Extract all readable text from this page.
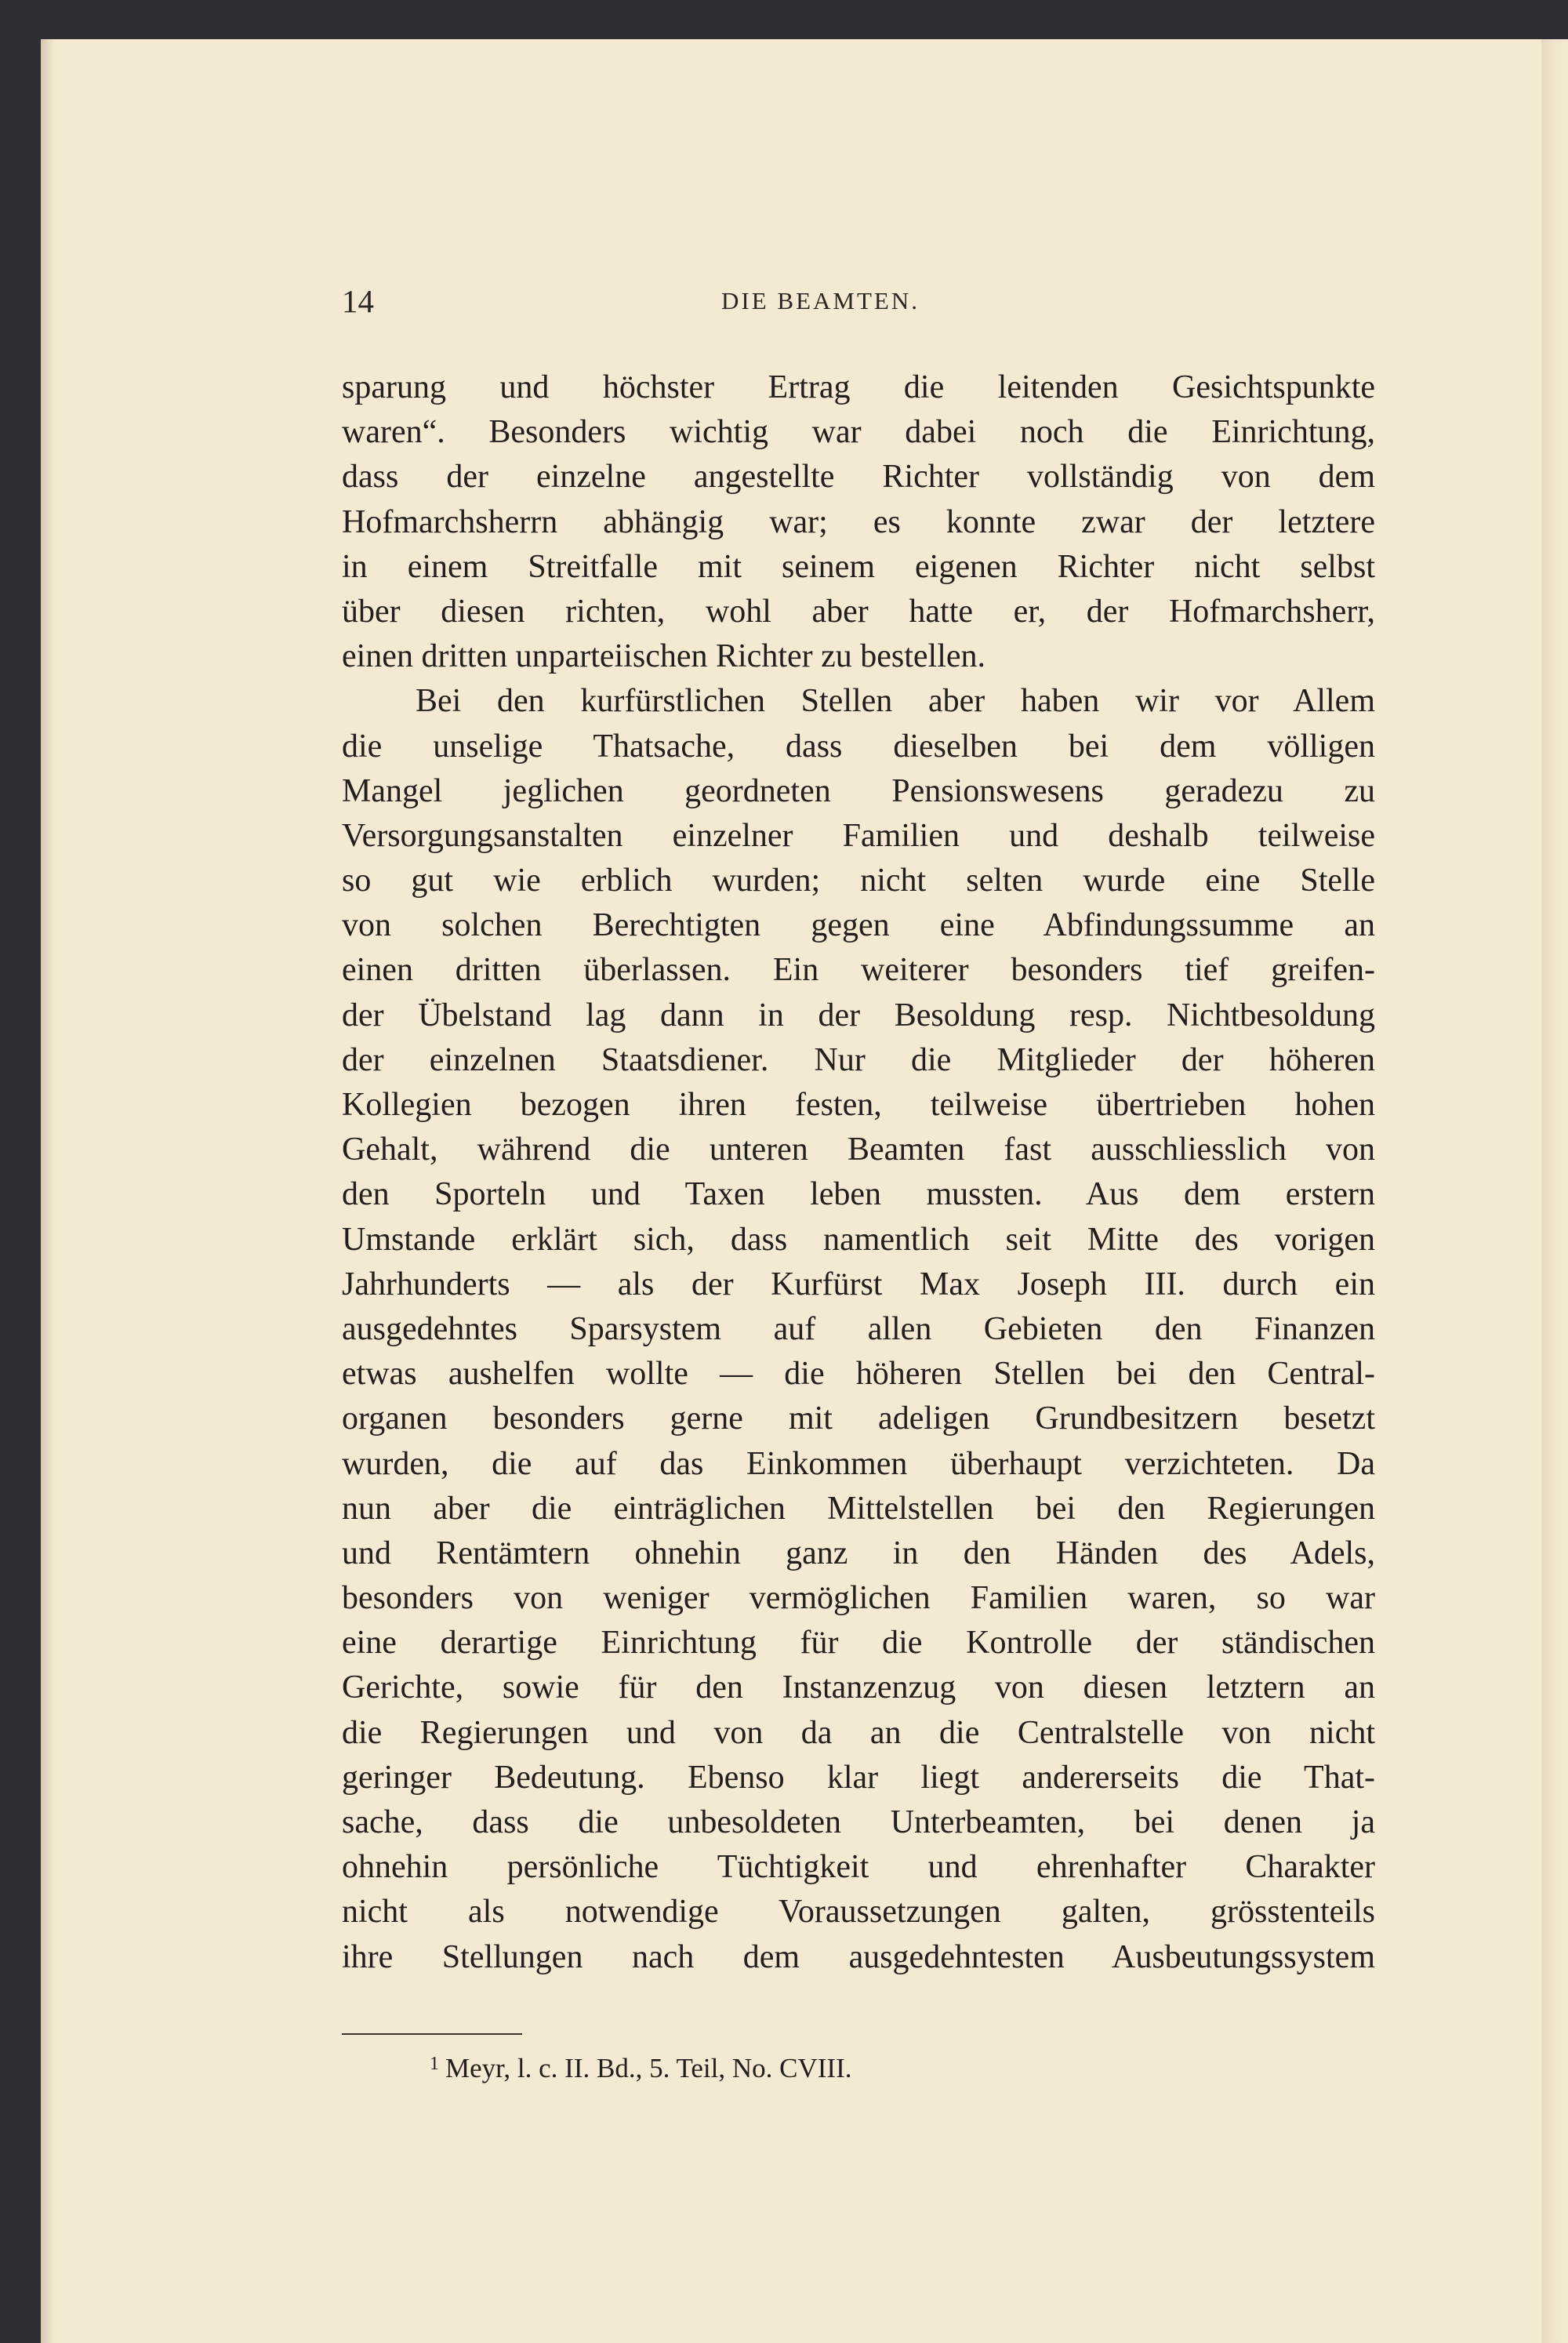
14	DIE BEAMTEN.
sparung und höchster Ertrag die leitenden Gesichtspunkte
waren“. Besonders wichtig war dabei noch die Einrichtung,
dass der einzelne angestellte Richter vollständig von dem
Hofmarchsherrn abhängig war; es konnte zwar der letztere
in einem Streitfalle mit seinem eigenen Richter nicht selbst
über diesen richten, wohl aber hatte er, der Hofmarchsherr,
einen dritten unparteiischen Richter zu bestellen.
Bei den kurfürstlichen Stellen aber haben wir vor Allem
die unselige Thatsache, dass dieselben bei dem völligen
Mangel jeglichen geordneten Pensionswesens geradezu zu
Versorgungsanstalten einzelner Familien und deshalb teilweise
so gut wie erblich wurden; nicht selten wurde eine Stelle
von solchen Berechtigten gegen eine Abfindungssumme an
einen dritten überlassen. Ein weiterer besonders tief greifen-
der Übelstand lag dann in der Besoldung resp. Nichtbesoldung
der einzelnen Staatsdiener. Nur die Mitglieder der höheren
Kollegien bezogen ihren festen, teilweise übertrieben hohen
Gehalt, während die unteren Beamten fast ausschliesslich von
den Sporteln und Taxen leben mussten. Aus dem erstern
Umstande erklärt sich, dass namentlich seit Mitte des vorigen
Jahrhunderts — als der Kurfürst Max Joseph III. durch ein
ausgedehntes Sparsystem auf allen Gebieten den Finanzen
etwas aushelfen wollte — die höheren Stellen bei den Central-
organen besonders gerne mit adeligen Grundbesitzern besetzt
wurden, die auf das Einkommen überhaupt verzichteten. Da
nun aber die einträglichen Mittelstellen bei den Regierungen
und Rentämtern ohnehin ganz in den Händen des Adels,
besonders von weniger vermöglichen Familien waren, so war
eine derartige Einrichtung für die Kontrolle der ständischen
Gerichte, sowie für den Instanzenzug von diesen letztern an
die Regierungen und von da an die Centralstelle von nicht
geringer Bedeutung. Ebenso klar liegt andererseits die That-
sache, dass die unbesoldeten Unterbeamten, bei denen ja
ohnehin persönliche Tüchtigkeit und ehrenhafter Charakter
nicht als notwendige Voraussetzungen galten, grösstenteils
ihre Stellungen nach dem ausgedehntesten Ausbeutungssystem
$^1$ Meyr, l. c. II. Bd., 5. Teil, No. CVIII.
